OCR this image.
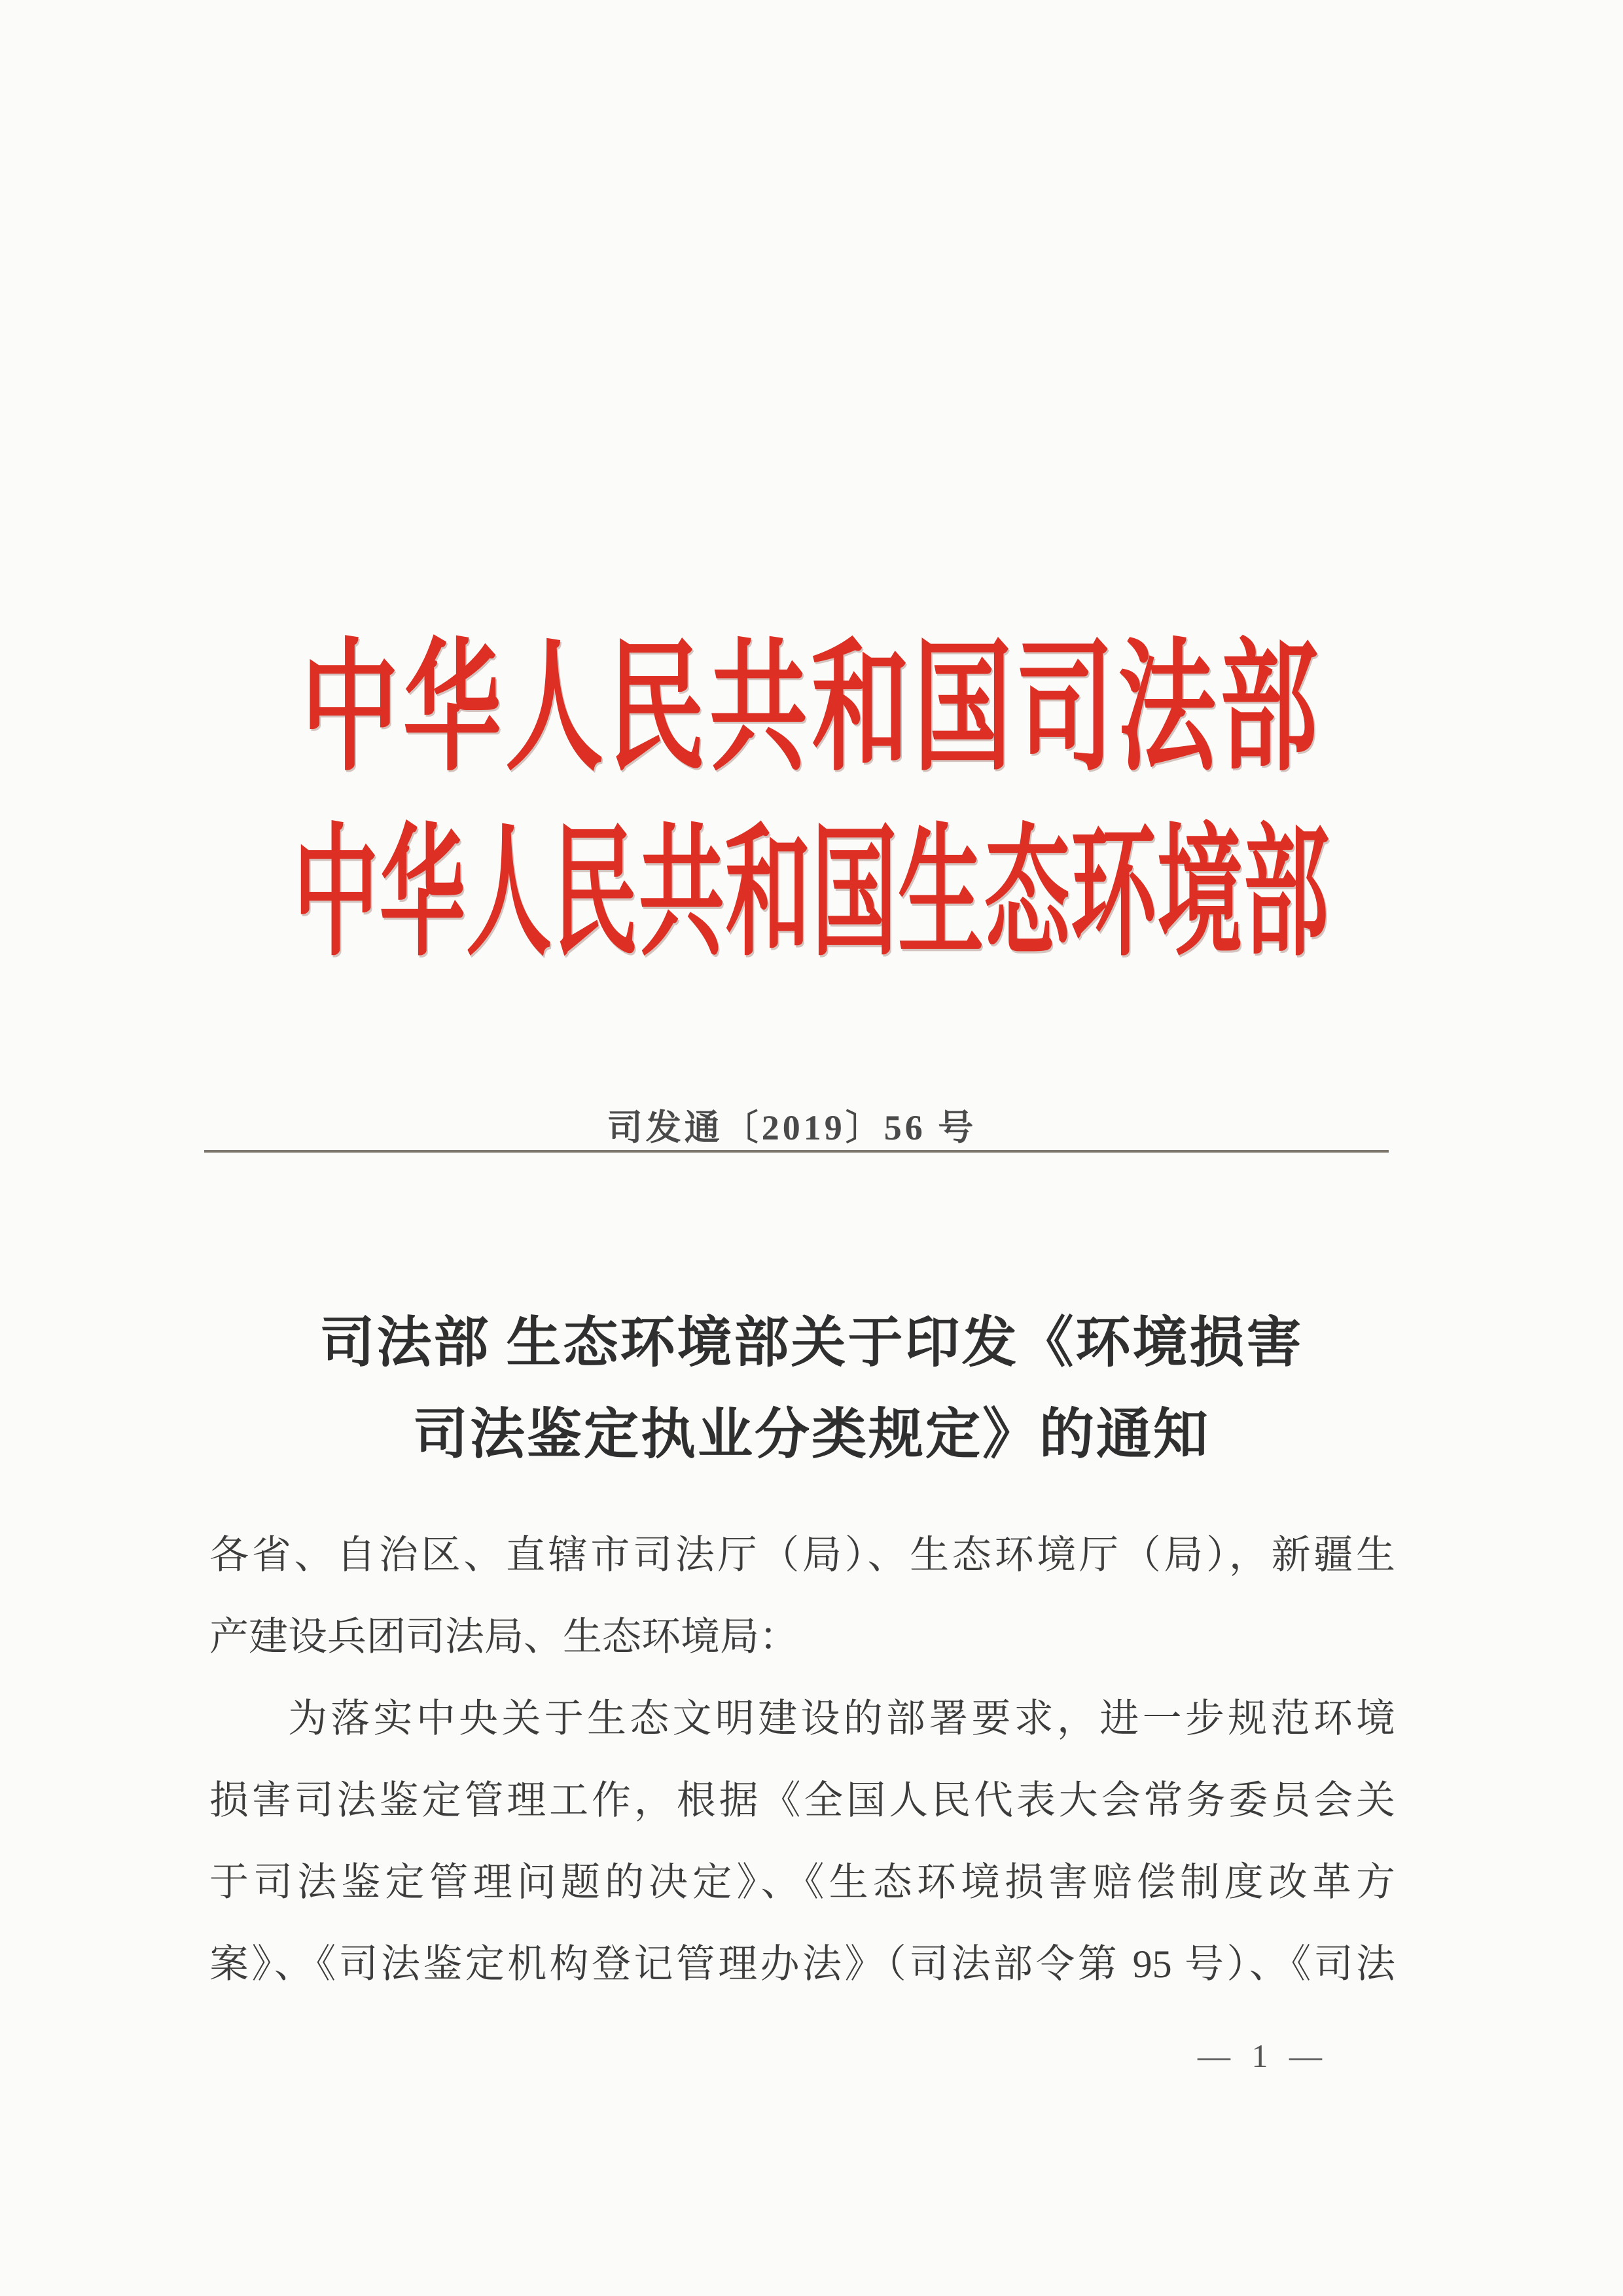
中华人民共和国司法部
中华人民共和国生态环境部
司发通〔2019〕56 号
司法部 生态环境部关于印发《环境损害
司法鉴定执业分类规定》的通知
各省、自治区、直辖市司法厅（局）、生态环境厅（局），新疆生
产建设兵团司法局、生态环境局：
为落实中央关于生态文明建设的部署要求，进一步规范环境
损害司法鉴定管理工作，根据《全国人民代表大会常务委员会关
于司法鉴定管理问题的决定》、《生态环境损害赔偿制度改革方
案》、《司法鉴定机构登记管理办法》（司法部令第 95 号）、《司法
— 1 —
